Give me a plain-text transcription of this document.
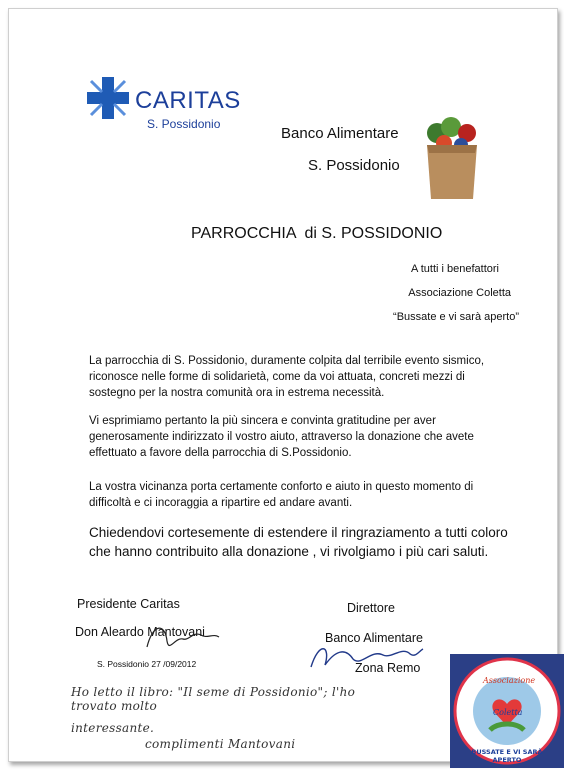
CARITAS
S. Possidonio
Banco Alimentare
S. Possidonio
PARROCCHIA  di S. POSSIDONIO
A tutti i benefattori
Associazione Coletta
“Bussate e vi sarà aperto”
La parrocchia di S. Possidonio, duramente colpita dal terribile evento sismico, riconosce nelle forme di solidarietà, come da voi attuata, concreti mezzi di sostegno per la nostra comunità ora in estrema necessità.
Vi esprimiamo pertanto la più sincera e convinta gratitudine per aver generosamente indirizzato il vostro aiuto, attraverso la donazione che avete effettuato a favore della parrocchia di S.Possidonio.
La vostra vicinanza porta certamente conforto e aiuto in questo momento di difficoltà e ci incoraggia a ripartire ed andare avanti.
Chiedendovi cortesemente di estendere il ringraziamento a tutti coloro che hanno contribuito alla donazione , vi rivolgiamo i più cari saluti.
Presidente Caritas
Don Aleardo Mantovani
S. Possidonio 27 /09/2012
Direttore
Banco Alimentare
Zona Remo
Ho letto il libro: "Il seme di Possidonio"; l'ho trovato molto
interessante.
complimenti Mantovani
Associazione
Coletta
BUSSATE E VI SARÀ APERTO
